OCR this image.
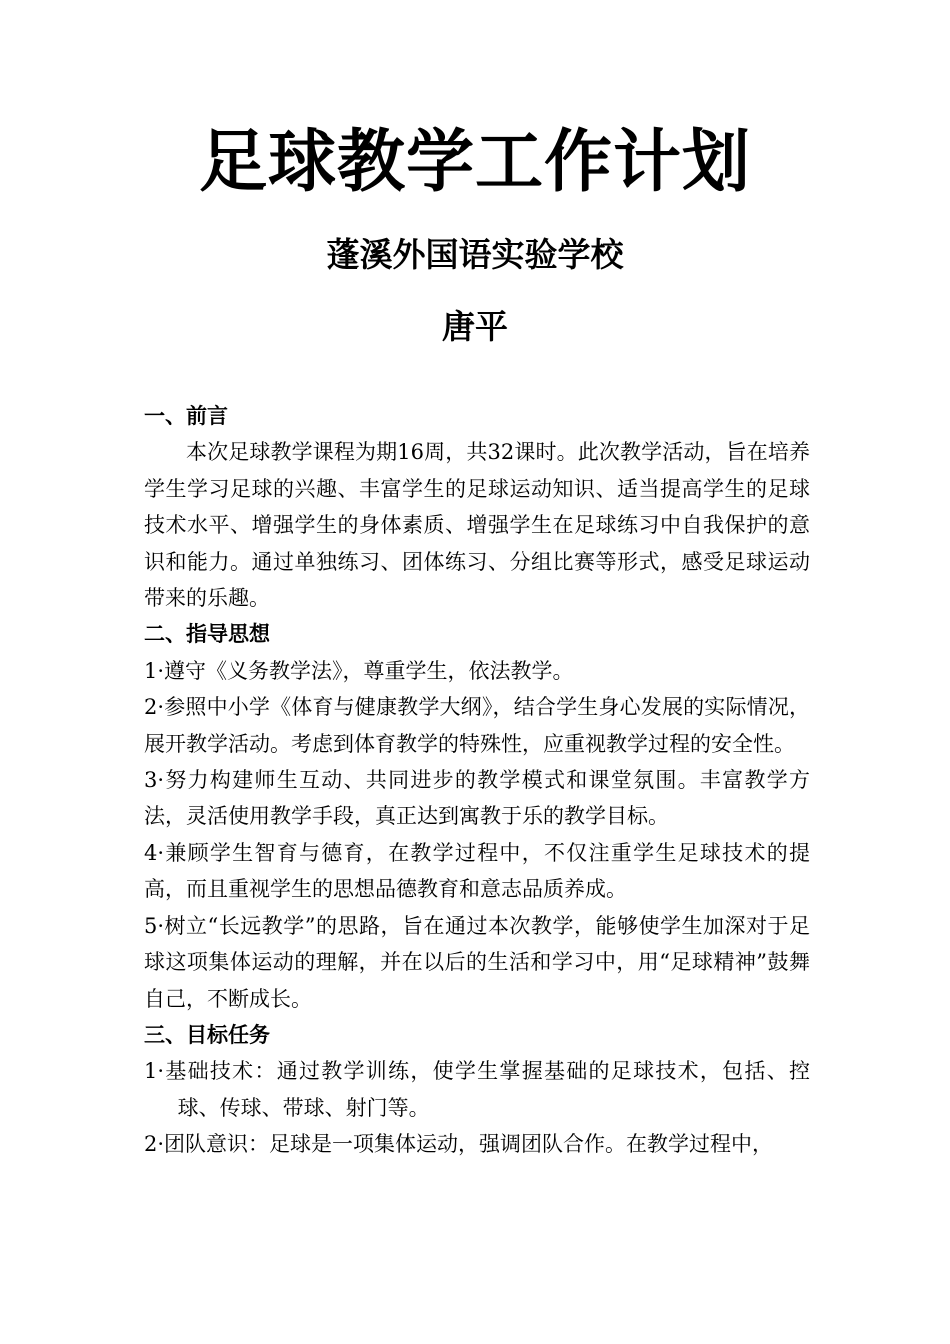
足球教学工作计划
蓬溪外国语实验学校
唐平

一、前言

本次足球教学课程为期16周，共32课时。此次教学活动，旨在培养学生学习足球的兴趣、丰富学生的足球运动知识、适当提高学生的足球技术水平、增强学生的身体素质、增强学生在足球练习中自我保护的意识和能力。通过单独练习、团体练习、分组比赛等形式，感受足球运动带来的乐趣。

二、指导思想

1·遵守《义务教学法》，尊重学生，依法教学。

2·参照中小学《体育与健康教学大纲》，结合学生身心发展的实际情况，展开教学活动。考虑到体育教学的特殊性，应重视教学过程的安全性。

3·努力构建师生互动、共同进步的教学模式和课堂氛围。丰富教学方法，灵活使用教学手段，真正达到寓教于乐的教学目标。

4·兼顾学生智育与德育，在教学过程中，不仅注重学生足球技术的提高，而且重视学生的思想品德教育和意志品质养成。

5·树立“长远教学”的思路，旨在通过本次教学，能够使学生加深对于足球这项集体运动的理解，并在以后的生活和学习中，用“足球精神”鼓舞自己，不断成长。

三、目标任务

1·基础技术：通过教学训练，使学生掌握基础的足球技术，包括、控球、传球、带球、射门等。

2·团队意识：足球是一项集体运动，强调团队合作。在教学过程中，
